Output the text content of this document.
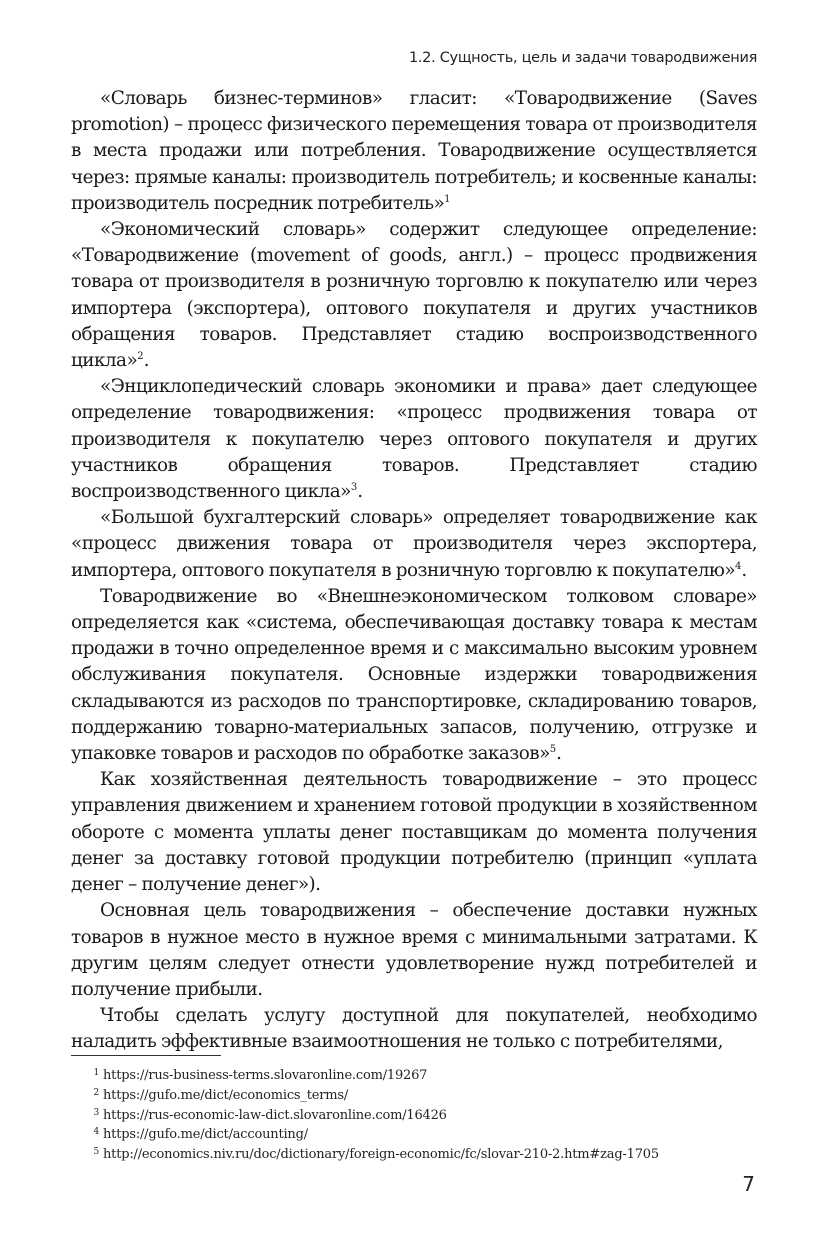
1.2. Сущность, цель и задачи товародвижения

«Словарь бизнес-терминов» гласит: «Товародвижение (Saves promotion) – процесс физического перемещения товара от производителя в места продажи или потребления. Товародвижение осуществляется через: прямые каналы: производитель потребитель; и косвенные каналы: производитель посредник потребитель»$^1$

«Экономический словарь» содержит следующее определение: «Товародвижение (movement of goods, англ.) – процесс продвижения товара от производителя в розничную торговлю к покупателю или через импортера (экспортера), оптового покупателя и других участников обращения товаров. Представляет стадию воспроизводственного цикла»$^2$.

«Энциклопедический словарь экономики и права» дает следующее определение товародвижения: «процесс продвижения товара от производителя к покупателю через оптового покупателя и других участников обращения товаров. Представляет стадию воспроизводственного цикла»$^3$.

«Большой бухгалтерский словарь» определяет товародвижение как «процесс движения товара от производителя через экспортера, импортера, оптового покупателя в розничную торговлю к покупателю»$^4$.

Товародвижение во «Внешнеэкономическом толковом словаре» определяется как «система, обеспечивающая доставку товара к местам продажи в точно определенное время и с максимально высоким уровнем обслуживания покупателя. Основные издержки товародвижения складываются из расходов по транспортировке, складированию товаров, поддержанию товарно-материальных запасов, получению, отгрузке и упаковке товаров и расходов по обработке заказов»$^5$.

Как хозяйственная деятельность товародвижение – это процесс управления движением и хранением готовой продукции в хозяйственном обороте с момента уплаты денег поставщикам до момента получения денег за доставку готовой продукции потребителю (принцип «уплата денег – получение денег»).

Основная цель товародвижения – обеспечение доставки нужных товаров в нужное место в нужное время с минимальными затратами. К другим целям следует отнести удовлетворение нужд потребителей и получение прибыли.

Чтобы сделать услугу доступной для покупателей, необходимо наладить эффективные взаимоотношения не только с потребителями,

1 https://rus-business-terms.slovaronline.com/19267
2 https://gufo.me/dict/economics_terms/
3 https://rus-economic-law-dict.slovaronline.com/16426
4 https://gufo.me/dict/accounting/
5 http://economics.niv.ru/doc/dictionary/foreign-economic/fc/slovar-210-2.htm#zag-1705
7
